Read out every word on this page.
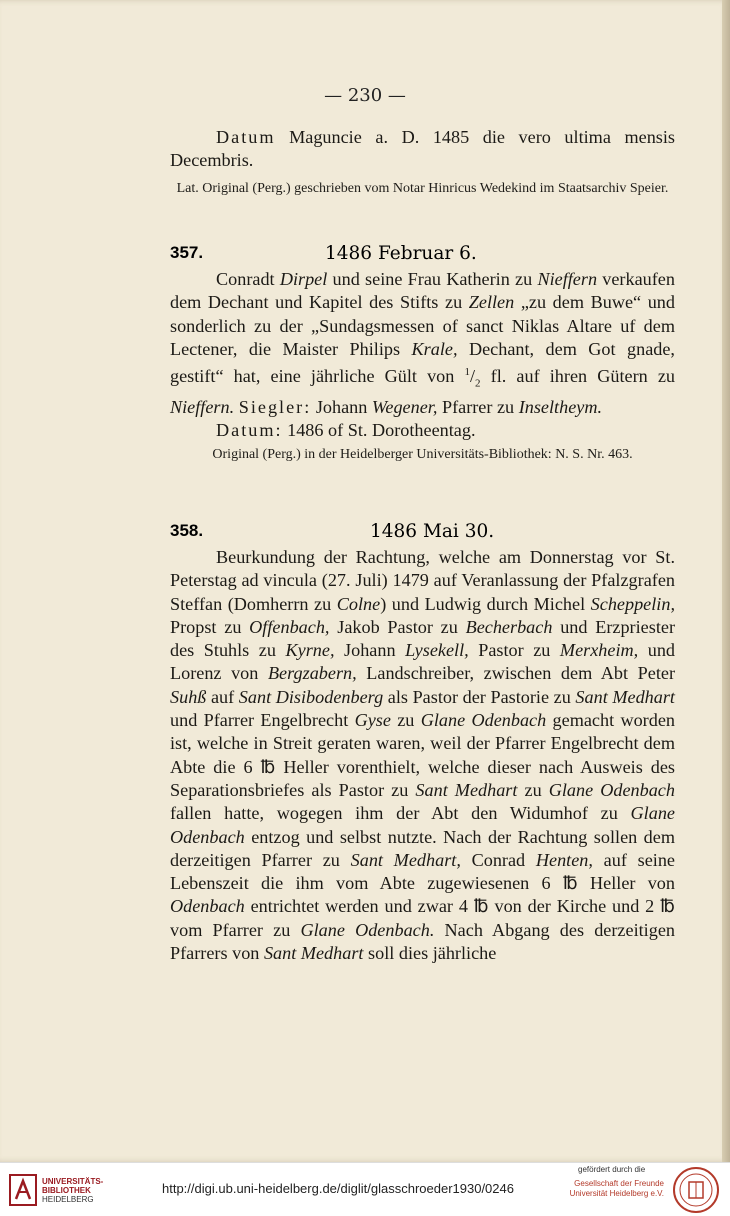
— 230 —

Datum Maguncie a. D. 1485 die vero ultima mensis Decembris.

Lat. Original (Perg.) geschrieben vom Notar Hinricus Wedekind im Staatsarchiv Speier.

357.	1486 Februar 6.

Conradt Dirpel und seine Frau Katherin zu Nieffern verkaufen dem Dechant und Kapitel des Stifts zu Zellen „zu dem Buwe“ und sonderlich zu der „Sundagsmessen of sanct Niklas Altare uf dem Lectener, die Maister Philips Krale, Dechant, dem Got gnade, gestift“ hat, eine jährliche Gült von $^1/_2$ fl. auf ihren Gütern zu Nieffern. Siegler: Johann Wegener, Pfarrer zu Inseltheym.

Datum: 1486 of St. Dorotheentag.

Original (Perg.) in der Heidelberger Universitäts-Bibliothek: N. S. Nr. 463.

358.	1486 Mai 30.

Beurkundung der Rachtung, welche am Donnerstag vor St. Peterstag ad vincula (27. Juli) 1479 auf Veranlassung der Pfalzgrafen Steffan (Domherrn zu Colne) und Ludwig durch Michel Scheppelin, Propst zu Offenbach, Jakob Pastor zu Becherbach und Erzpriester des Stuhls zu Kyrne, Johann Lysekell, Pastor zu Merxheim, und Lorenz von Bergzabern, Landschreiber, zwischen dem Abt Peter Suhß auf Sant Disibodenberg als Pastor der Pastorie zu Sant Medhart und Pfarrer Engelbrecht Gyse zu Glane Odenbach gemacht worden ist, welche in Streit geraten waren, weil der Pfarrer Engelbrecht dem Abte die 6 ℔ Heller vorenthielt, welche dieser nach Ausweis des Separationsbriefes als Pastor zu Sant Medhart zu Glane Odenbach fallen hatte, wogegen ihm der Abt den Widumhof zu Glane Odenbach entzog und selbst nutzte. Nach der Rachtung sollen dem derzeitigen Pfarrer zu Sant Medhart, Conrad Henten, auf seine Lebenszeit die ihm vom Abte zugewiesenen 6 ℔ Heller von Odenbach entrichtet werden und zwar 4 ℔ von der Kirche und 2 ℔ vom Pfarrer zu Glane Odenbach. Nach Abgang des derzeitigen Pfarrers von Sant Medhart soll dies jährliche

UNIVERSITÄTS-
BIBLIOTHEK
HEIDELBERG
http://digi.ub.uni-heidelberg.de/diglit/glasschroeder1930/0246
gefördert durch die
Gesellschaft der Freunde
Universität Heidelberg e.V.
